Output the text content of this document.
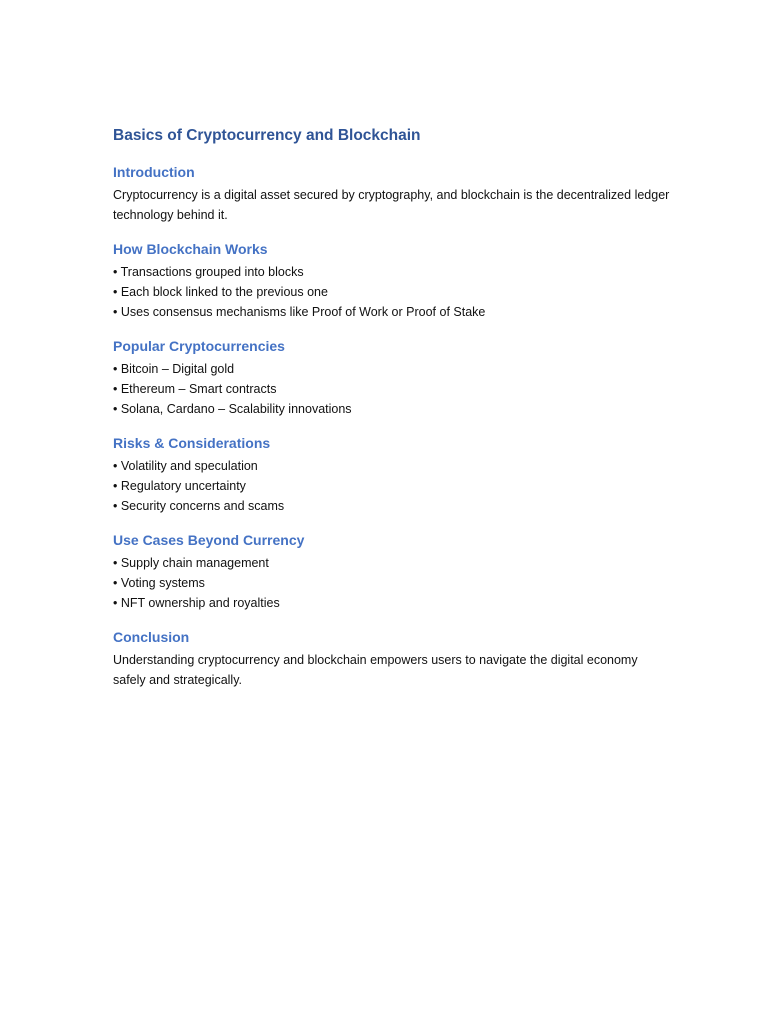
Basics of Cryptocurrency and Blockchain
Introduction

Cryptocurrency is a digital asset secured by cryptography, and blockchain is the decentralized ledger technology behind it.

How Blockchain Works
• Transactions grouped into blocks
• Each block linked to the previous one
• Uses consensus mechanisms like Proof of Work or Proof of Stake
Popular Cryptocurrencies
• Bitcoin – Digital gold
• Ethereum – Smart contracts
• Solana, Cardano – Scalability innovations
Risks & Considerations
• Volatility and speculation
• Regulatory uncertainty
• Security concerns and scams
Use Cases Beyond Currency
• Supply chain management
• Voting systems
• NFT ownership and royalties
Conclusion

Understanding cryptocurrency and blockchain empowers users to navigate the digital economy safely and strategically.
